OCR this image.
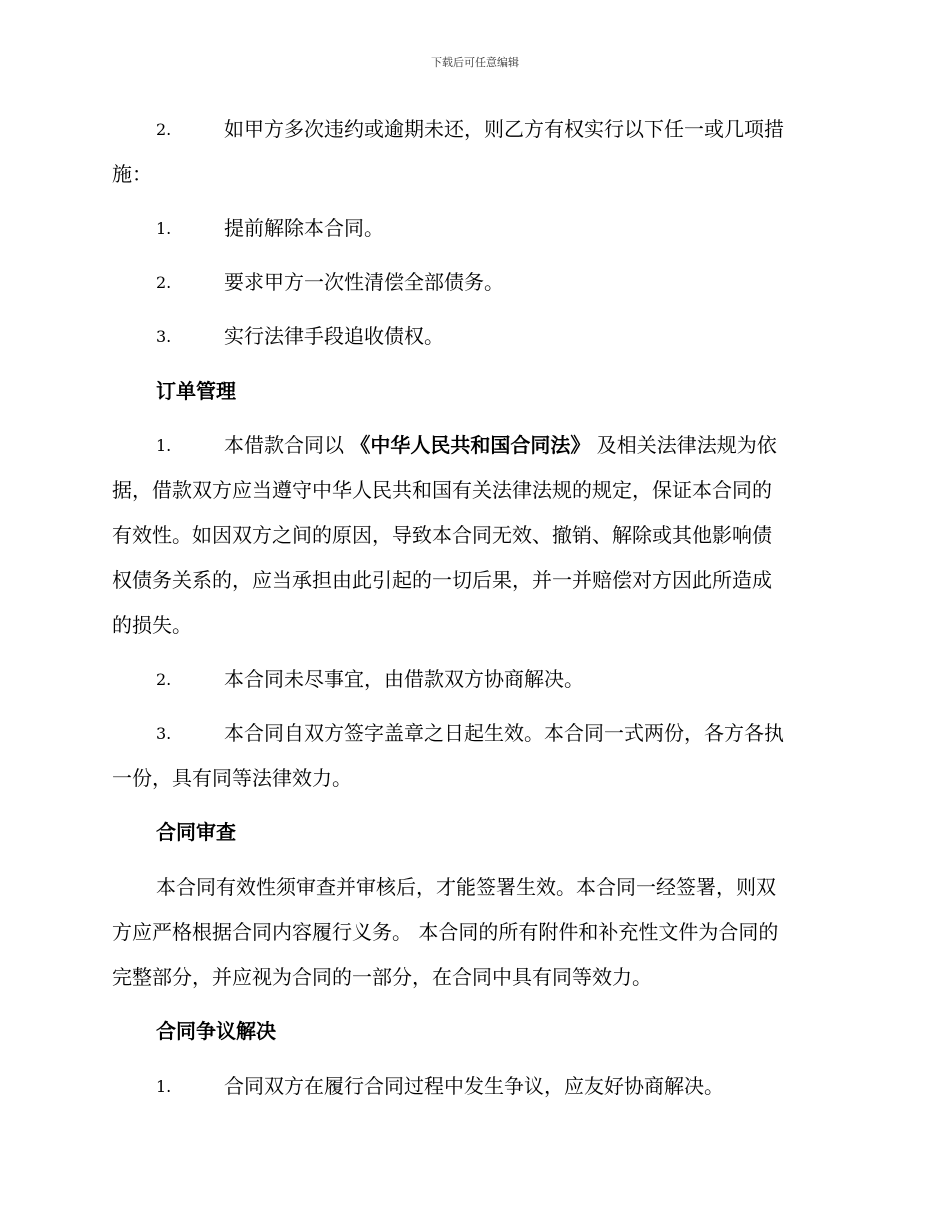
下载后可任意编辑
2.	如甲方多次违约或逾期未还，则乙方有权实行以下任一或几项措
施：
1.	提前解除本合同。
2.	要求甲方一次性清偿全部债务。
3.	实行法律手段追收债权。
订单管理
1.	本借款合同以 《中华人民共和国合同法》 及相关法律法规为依
据，借款双方应当遵守中华人民共和国有关法律法规的规定，保证本合同的
有效性。如因双方之间的原因，导致本合同无效、撤销、解除或其他影响债
权债务关系的，应当承担由此引起的一切后果，并一并赔偿对方因此所造成
的损失。
2.	本合同未尽事宜，由借款双方协商解决。
3.	本合同自双方签字盖章之日起生效。本合同一式两份，各方各执
一份，具有同等法律效力。
合同审查
本合同有效性须审查并审核后，才能签署生效。本合同一经签署，则双
方应严格根据合同内容履行义务。 本合同的所有附件和补充性文件为合同的
完整部分，并应视为合同的一部分，在合同中具有同等效力。
合同争议解决
1.	合同双方在履行合同过程中发生争议，应友好协商解决。
